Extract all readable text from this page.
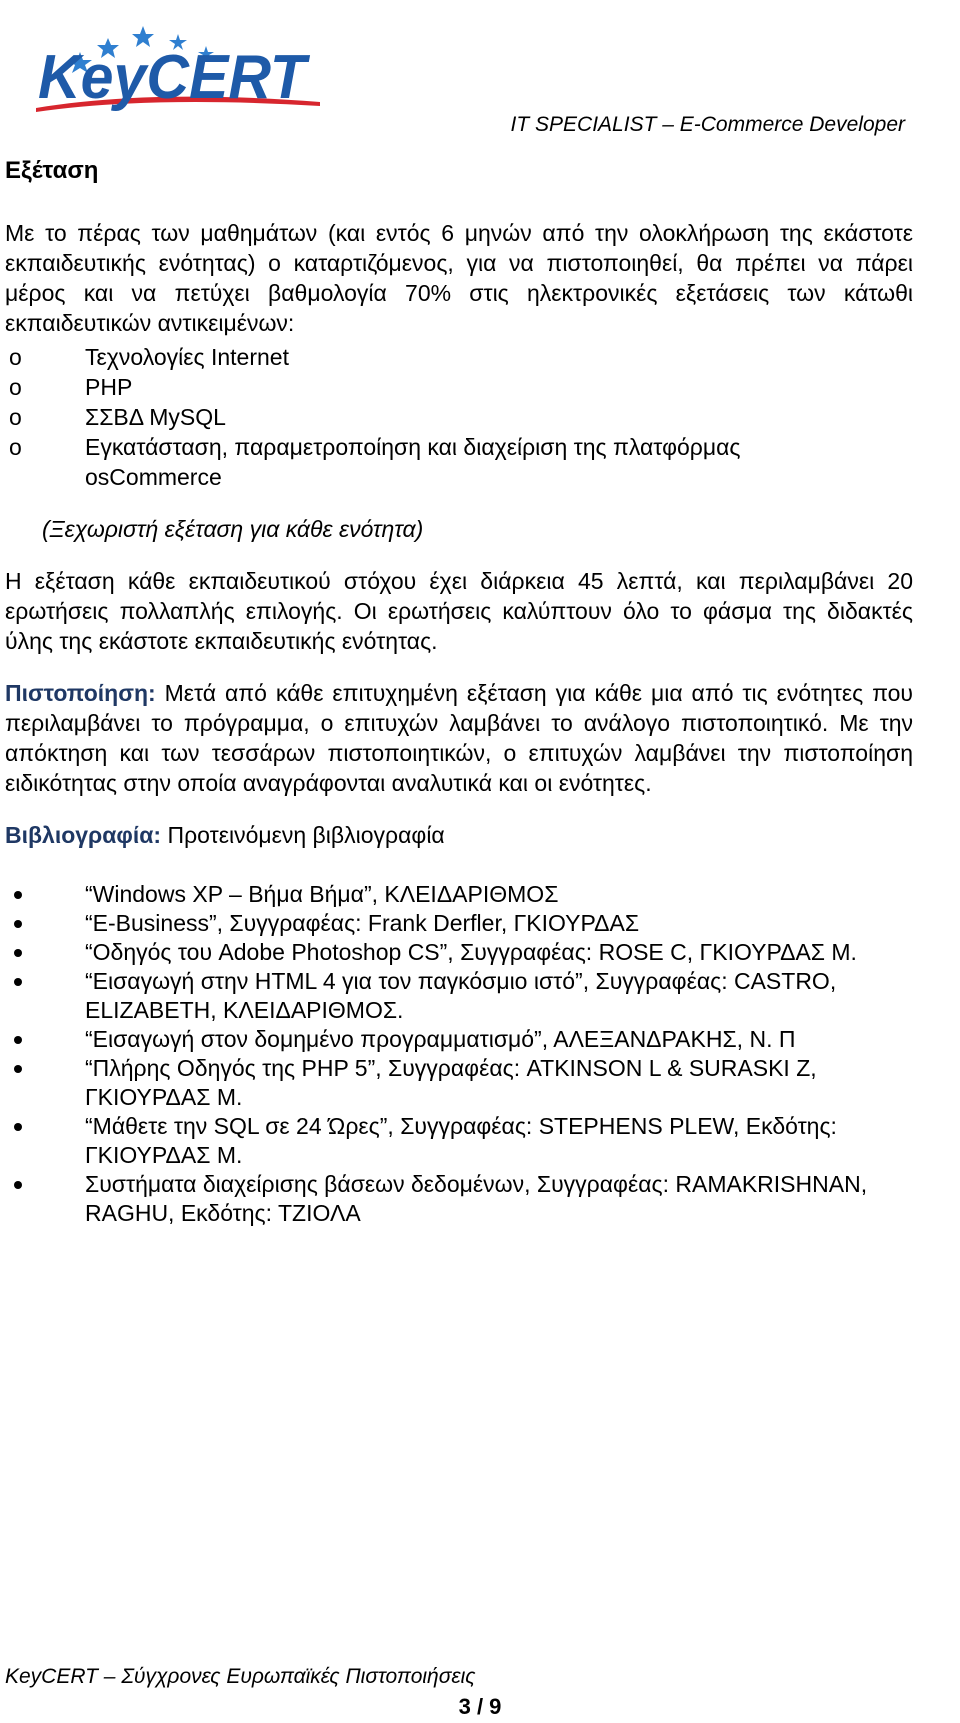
KeyCERT
IT SPECIALIST – E-Commerce Developer
Εξέταση

Με το πέρας των μαθημάτων (και εντός 6 μηνών από την ολοκλήρωση της εκάστοτε εκπαιδευτικής ενότητας) ο καταρτιζόμενος, για να πιστοποιηθεί, θα πρέπει να πάρει μέρος και να πετύχει βαθμολογία 70% στις ηλεκτρονικές εξετάσεις των κάτωθι εκπαιδευτικών αντικειμένων:

o Τεχνολογίες Internet
o PHP
o ΣΣΒΔ MySQL
o Εγκατάσταση, παραμετροποίηση και διαχείριση της πλατφόρμας osCommerce

(Ξεχωριστή εξέταση για κάθε ενότητα)

Η εξέταση κάθε εκπαιδευτικού στόχου έχει διάρκεια 45 λεπτά, και περιλαμβάνει 20 ερωτήσεις πολλαπλής επιλογής. Οι ερωτήσεις καλύπτουν όλο το φάσμα της διδακτές ύλης της εκάστοτε εκπαιδευτικής ενότητας.

Πιστοποίηση: Μετά από κάθε επιτυχημένη εξέταση για κάθε μια από τις ενότητες που περιλαμβάνει το πρόγραμμα, ο επιτυχών λαμβάνει το ανάλογο πιστοποιητικό. Με την απόκτηση και των τεσσάρων πιστοποιητικών, ο επιτυχών λαμβάνει την πιστοποίηση ειδικότητας στην οποία αναγράφονται αναλυτικά και οι ενότητες.

Βιβλιογραφία: Προτεινόμενη βιβλιογραφία

“Windows XP – Βήμα Βήμα”, ΚΛΕΙΔΑΡΙΘΜΟΣ
“E-Business”, Συγγραφέας: Frank Derfler, ΓΚΙΟΥΡΔΑΣ
“Οδηγός του Adobe Photoshop CS”, Συγγραφέας: ROSE C, ΓΚΙΟΥΡΔΑΣ Μ.
“Εισαγωγή στην HTML 4 για τον παγκόσμιο ιστό”, Συγγραφέας: CASTRO, ELIZABETH, ΚΛΕΙΔΑΡΙΘΜΟΣ.
“Εισαγωγή στον δομημένο προγραμματισμό”, ΑΛΕΞΑΝΔΡΑΚΗΣ, Ν. Π
“Πλήρης Οδηγός της PHP 5”, Συγγραφέας: ATKINSON L & SURASKI Z, ΓΚΙΟΥΡΔΑΣ Μ.
“Μάθετε την SQL σε 24 Ώρες”, Συγγραφέας: STEPHENS PLEW, Εκδότης: ΓΚΙΟΥΡΔΑΣ Μ.
Συστήματα διαχείρισης βάσεων δεδομένων, Συγγραφέας: RAMAKRISHNAN, RAGHU, Εκδότης: ΤΖΙΟΛΑ
KeyCERT – Σύγχρονες Ευρωπαϊκές Πιστοποιήσεις
3 / 9
